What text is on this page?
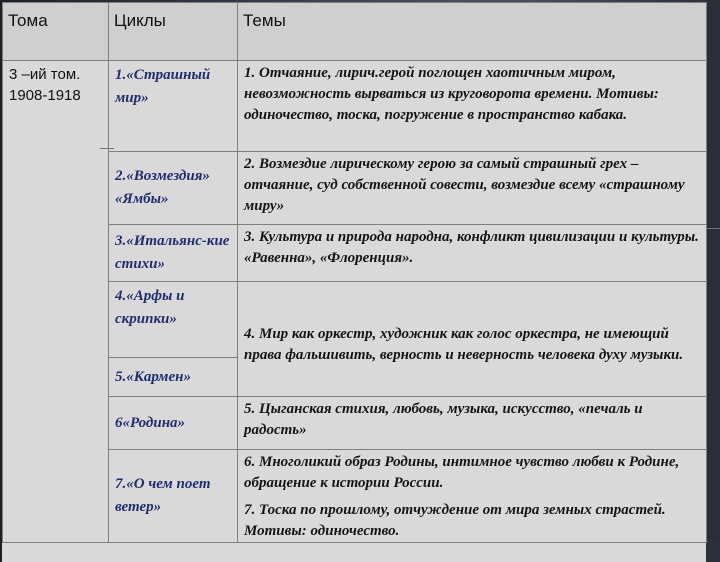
Тома	Циклы	Темы

3 –ий том.
1908-1918	1.«Страшный мир»	1. Отчаяние, лирич.герой поглощен хаотичным миром, невозможность вырваться из круговорота времени. Мотивы: одиночество, тоска, погружение в пространство кабака.

	2.«Возмездия» «Ямбы»	2. Возмездие лирическому герою за самый страшный грех – отчаяние, суд собственной совести, возмездие всему «страшному миру»

	3.«Итальянс-кие стихи»	3. Культура и природа народна, конфликт цивилизации и культуры. «Равенна», «Флоренция».

	4.«Арфы и скрипки»	4. Мир как оркестр, художник как голос оркестра, не имеющий права фальшивить, верность и неверность человека духу музыки.

	5.«Кармен»	
	6«Родина»	5. Цыганская стихия, любовь, музыка, искусство, «печаль и радость»

	7.«О чем поет ветер»	6. Многоликий образ Родины, интимное чувство любви к Родине, обращение к истории России.

7. Тоска по прошлому, отчуждение от мира земных страстей. Мотивы: одиночество.
